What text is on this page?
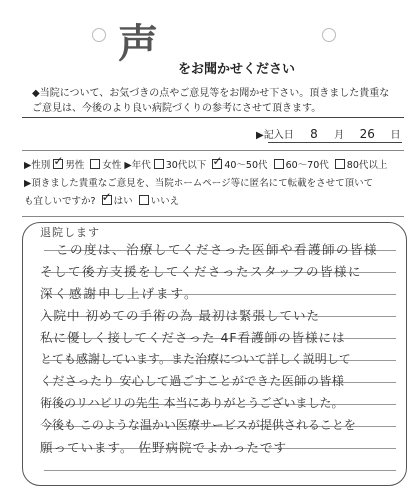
声
をお聞かせください
◆当院について、お気づきの点やご意見等をお聞かせ下さい。頂きました貴重な
ご意見は、今後のより良い病院づくりの参考にさせて頂きます。
▶記入日 8 月 26 日
▶性別 ✓ 男性 女性 ▶年代 30代以下 ✓ 40〜50代 60〜70代 80代以上
▶頂きました貴重なご意見を、当院ホームページ等に匿名にて転載をさせて頂いて
も宜しいですか? ✓ はい いいえ
退院します
この度は、治療してくださった医師や看護師の皆様
そして後方支援をしてくださったスタッフの皆様に
深く感謝申し上げます。
入院中 初めての手術の為 最初は緊張していた
私に優しく接してくださった 4F看護師の皆様には
とても感謝しています。また治療について詳しく説明して
くださったり 安心して過ごすことができた医師の皆様
術後のリハビリの先生 本当にありがとうございました。
今後も このような温かい医療サービスが提供されることを
願っています。 佐野病院でよかったです
